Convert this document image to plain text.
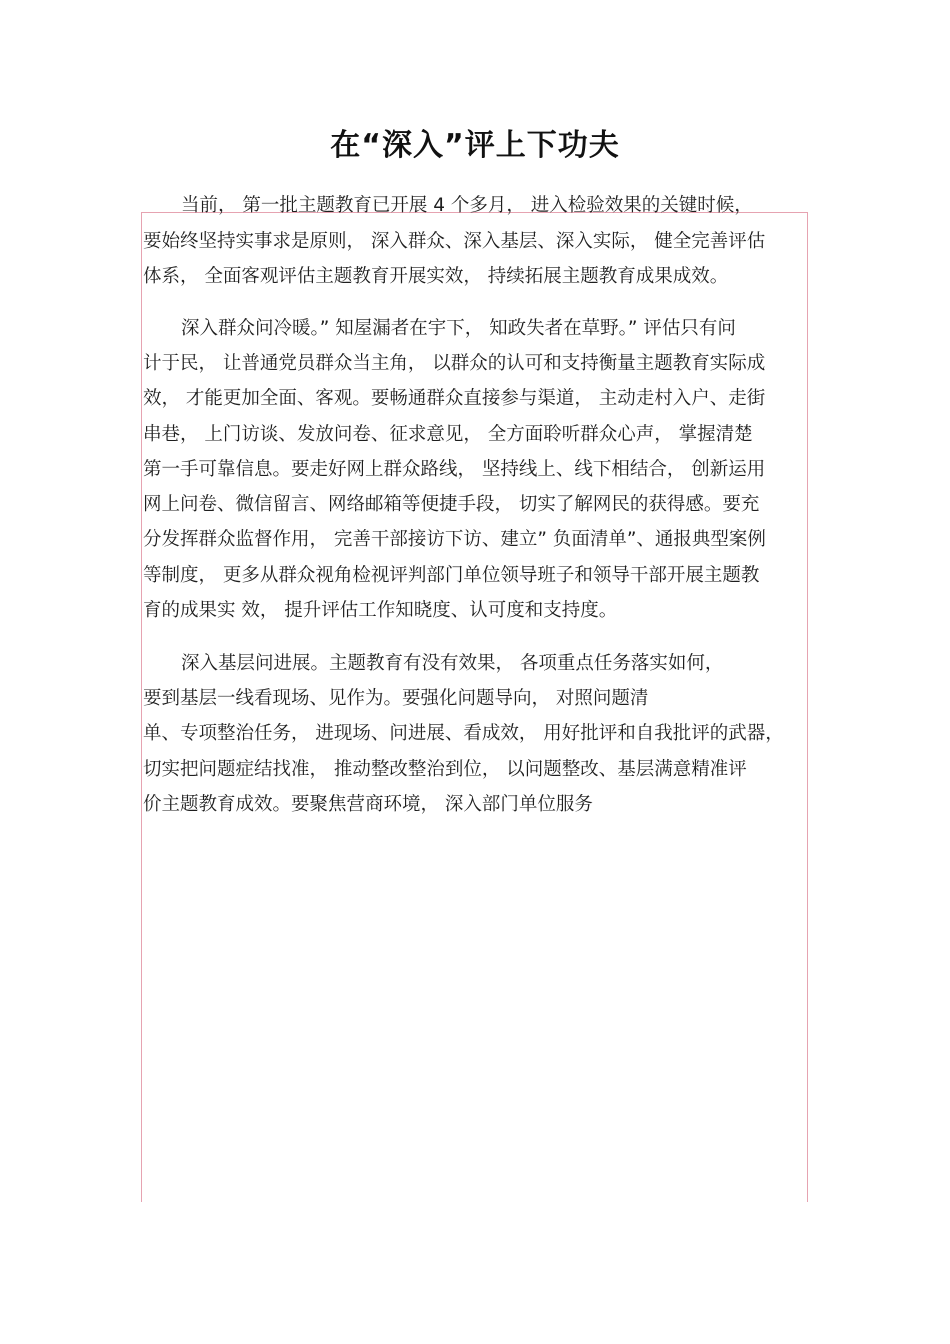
在“深入”评上下功夫
当前， 第一批主题教育已开展 4 个多月， 进入检验效果的关键时候，
要始终坚持实事求是原则， 深入群众、深入基层、深入实际， 健全完善评估
体系， 全面客观评估主题教育开展实效， 持续拓展主题教育成果成效。
深入群众问冷暖。” 知屋漏者在宇下， 知政失者在草野。” 评估只有问
计于民， 让普通党员群众当主角， 以群众的认可和支持衡量主题教育实际成
效， 才能更加全面、客观。要畅通群众直接参与渠道， 主动走村入户、走街
串巷， 上门访谈、发放问卷、征求意见， 全方面聆听群众心声， 掌握清楚
第一手可靠信息。要走好网上群众路线， 坚持线上、线下相结合， 创新运用
网上问卷、微信留言、网络邮箱等便捷手段， 切实了解网民的获得感。要充
分发挥群众监督作用， 完善干部接访下访、建立” 负面清单”、通报典型案例
等制度， 更多从群众视角检视评判部门单位领导班子和领导干部开展主题教
育的成果实 效， 提升评估工作知晓度、认可度和支持度。
深入基层问进展。主题教育有没有效果， 各项重点任务落实如何，
要到基层一线看现场、见作为。要强化问题导向， 对照问题清
单、专项整治任务， 进现场、问进展、看成效， 用好批评和自我批评的武器，
切实把问题症结找准， 推动整改整治到位， 以问题整改、基层满意精准评
价主题教育成效。要聚焦营商环境， 深入部门单位服务
